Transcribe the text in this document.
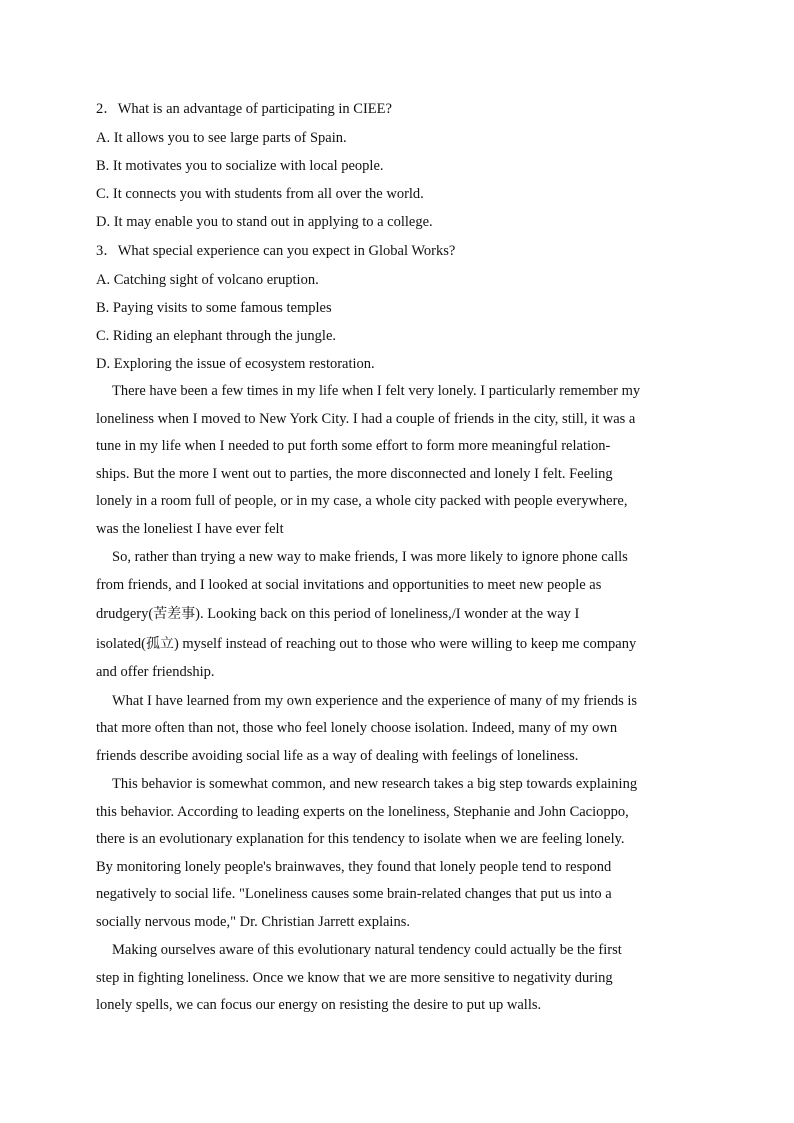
2．What is an advantage of participating in CIEE?
A. It allows you to see large parts of Spain.
B. It motivates you to socialize with local people.
C. It connects you with students from all over the world.
D. It may enable you to stand out in applying to a college.
3．What special experience can you expect in Global Works?
A. Catching sight of volcano eruption.
B. Paying visits to some famous temples
C. Riding an elephant through the jungle.
D. Exploring the issue of ecosystem restoration.
There have been a few times in my life when I felt very lonely. I particularly remember my
loneliness when I moved to New York City. I had a couple of friends in the city, still, it was a
tune in my life when I needed to put forth some effort to form more meaningful relation-
ships. But the more I went out to parties, the more disconnected and lonely I felt. Feeling
lonely in a room full of people, or in my case, a whole city packed with people everywhere,
was the loneliest I have ever felt
So, rather than trying a new way to make friends, I was more likely to ignore phone calls
from friends, and I looked at social invitations and opportunities to meet new people as
drudgery(苦差事). Looking back on this period of loneliness,/I wonder at the way I
isolated(孤立) myself instead of reaching out to those who were willing to keep me company
and offer friendship.
What I have learned from my own experience and the experience of many of my friends is
that more often than not, those who feel lonely choose isolation. Indeed, many of my own
friends describe avoiding social life as a way of dealing with feelings of loneliness.
This behavior is somewhat common, and new research takes a big step towards explaining
this behavior. According to leading experts on the loneliness, Stephanie and John Cacioppo,
there is an evolutionary explanation for this tendency to isolate when we are feeling lonely.
By monitoring lonely people's brainwaves, they found that lonely people tend to respond
negatively to social life. "Loneliness causes some brain-related changes that put us into a
socially nervous mode," Dr. Christian Jarrett explains.
Making ourselves aware of this evolutionary natural tendency could actually be the first
step in fighting loneliness. Once we know that we are more sensitive to negativity during
lonely spells, we can focus our energy on resisting the desire to put up walls.
